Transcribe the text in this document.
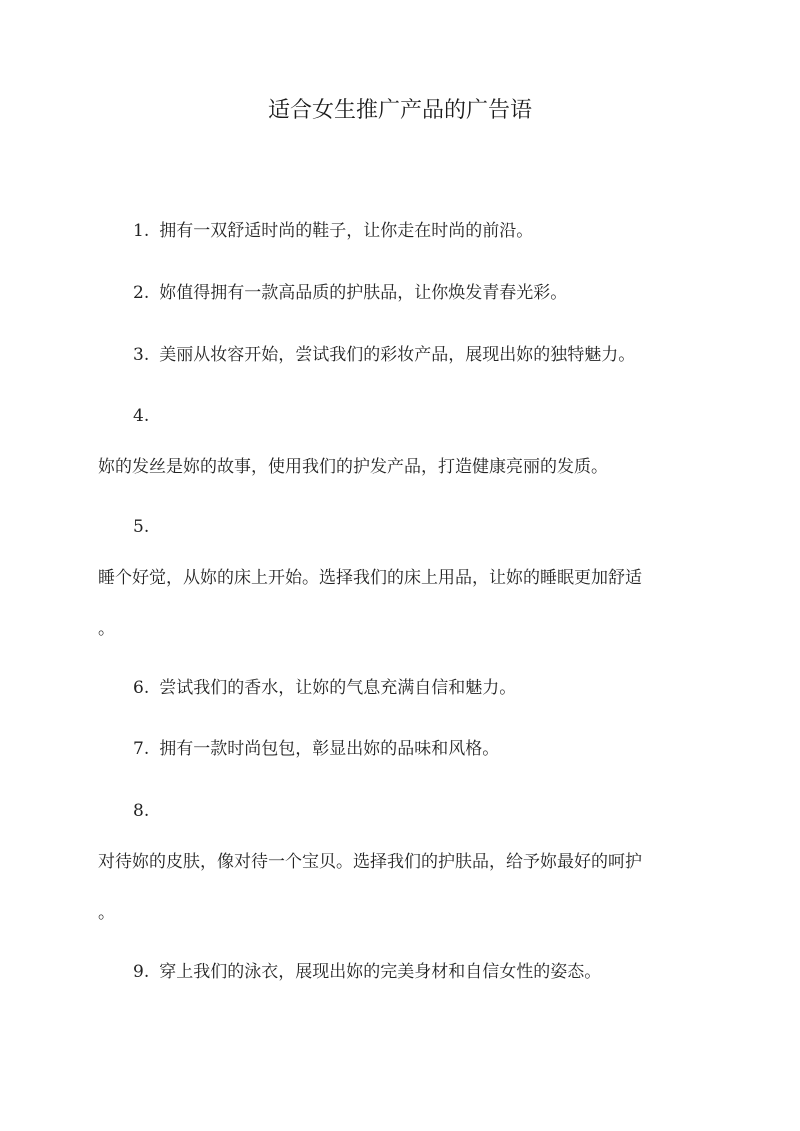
适合女生推广产品的广告语
1. 拥有一双舒适时尚的鞋子，让你走在时尚的前沿。
2. 妳值得拥有一款高品质的护肤品，让你焕发青春光彩。
3. 美丽从妆容开始，尝试我们的彩妆产品，展现出妳的独特魅力。
4.
妳的发丝是妳的故事，使用我们的护发产品，打造健康亮丽的发质。
5.
睡个好觉，从妳的床上开始。选择我们的床上用品，让妳的睡眠更加舒适
。
6. 尝试我们的香水，让妳的气息充满自信和魅力。
7. 拥有一款时尚包包，彰显出妳的品味和风格。
8.
对待妳的皮肤，像对待一个宝贝。选择我们的护肤品，给予妳最好的呵护
。
9. 穿上我们的泳衣，展现出妳的完美身材和自信女性的姿态。
